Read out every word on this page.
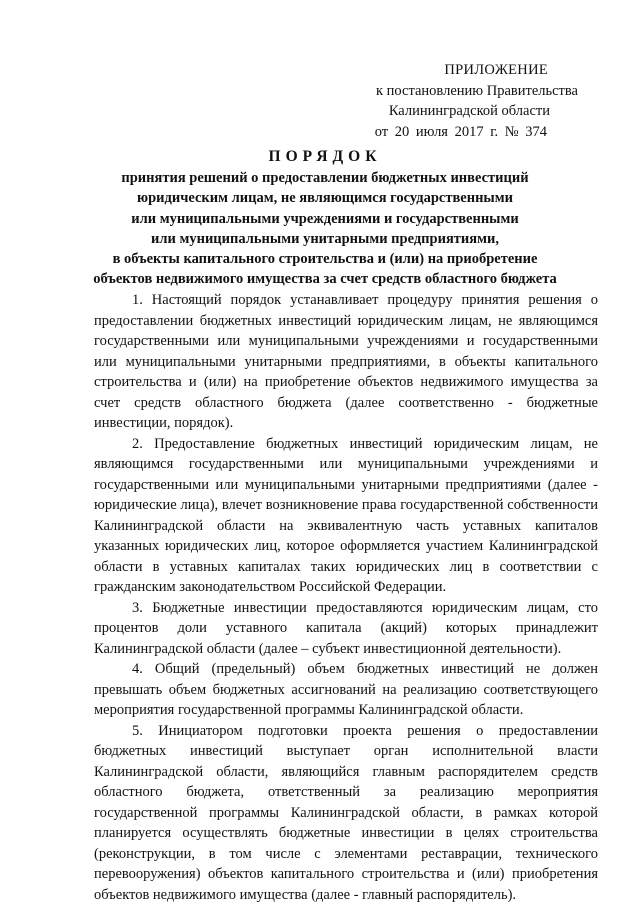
ПРИЛОЖЕНИЕ
к постановлению Правительства
Калининградской области
от 20 июля 2017 г. № 374
ПОРЯДОК
принятия решений о предоставлении бюджетных инвестиций
юридическим лицам, не являющимся государственными
или муниципальными учреждениями и государственными
или муниципальными унитарными предприятиями,
в объекты капитального строительства и (или) на приобретение
объектов недвижимого имущества за счет средств областного бюджета

1. Настоящий порядок устанавливает процедуру принятия решения о предоставлении бюджетных инвестиций юридическим лицам, не являющимся государственными или муниципальными учреждениями и государственными или муниципальными унитарными предприятиями, в объекты капитального строительства и (или) на приобретение объектов недвижимого имущества за счет средств областного бюджета (далее соответственно - бюджетные инвестиции, порядок).

2. Предоставление бюджетных инвестиций юридическим лицам, не являющимся государственными или муниципальными учреждениями и государственными или муниципальными унитарными предприятиями (далее - юридические лица), влечет возникновение права государственной собственности Калининградской области на эквивалентную часть уставных капиталов указанных юридических лиц, которое оформляется участием Калининградской области в уставных капиталах таких юридических лиц в соответствии с гражданским законодательством Российской Федерации.

3. Бюджетные инвестиции предоставляются юридическим лицам, сто процентов доли уставного капитала (акций) которых принадлежит Калининградской области (далее – субъект инвестиционной деятельности).

4. Общий (предельный) объем бюджетных инвестиций не должен превышать объем бюджетных ассигнований на реализацию соответствующего мероприятия государственной программы Калининградской области.

5. Инициатором подготовки проекта решения о предоставлении бюджетных инвестиций выступает орган исполнительной власти Калининградской области, являющийся главным распорядителем средств областного бюджета, ответственный за реализацию мероприятия государственной программы Калининградской области, в рамках которой планируется осуществлять бюджетные инвестиции в целях строительства (реконструкции, в том числе с элементами реставрации, технического перевооружения) объектов капитального строительства и (или) приобретения объектов недвижимого имущества (далее - главный распорядитель).
